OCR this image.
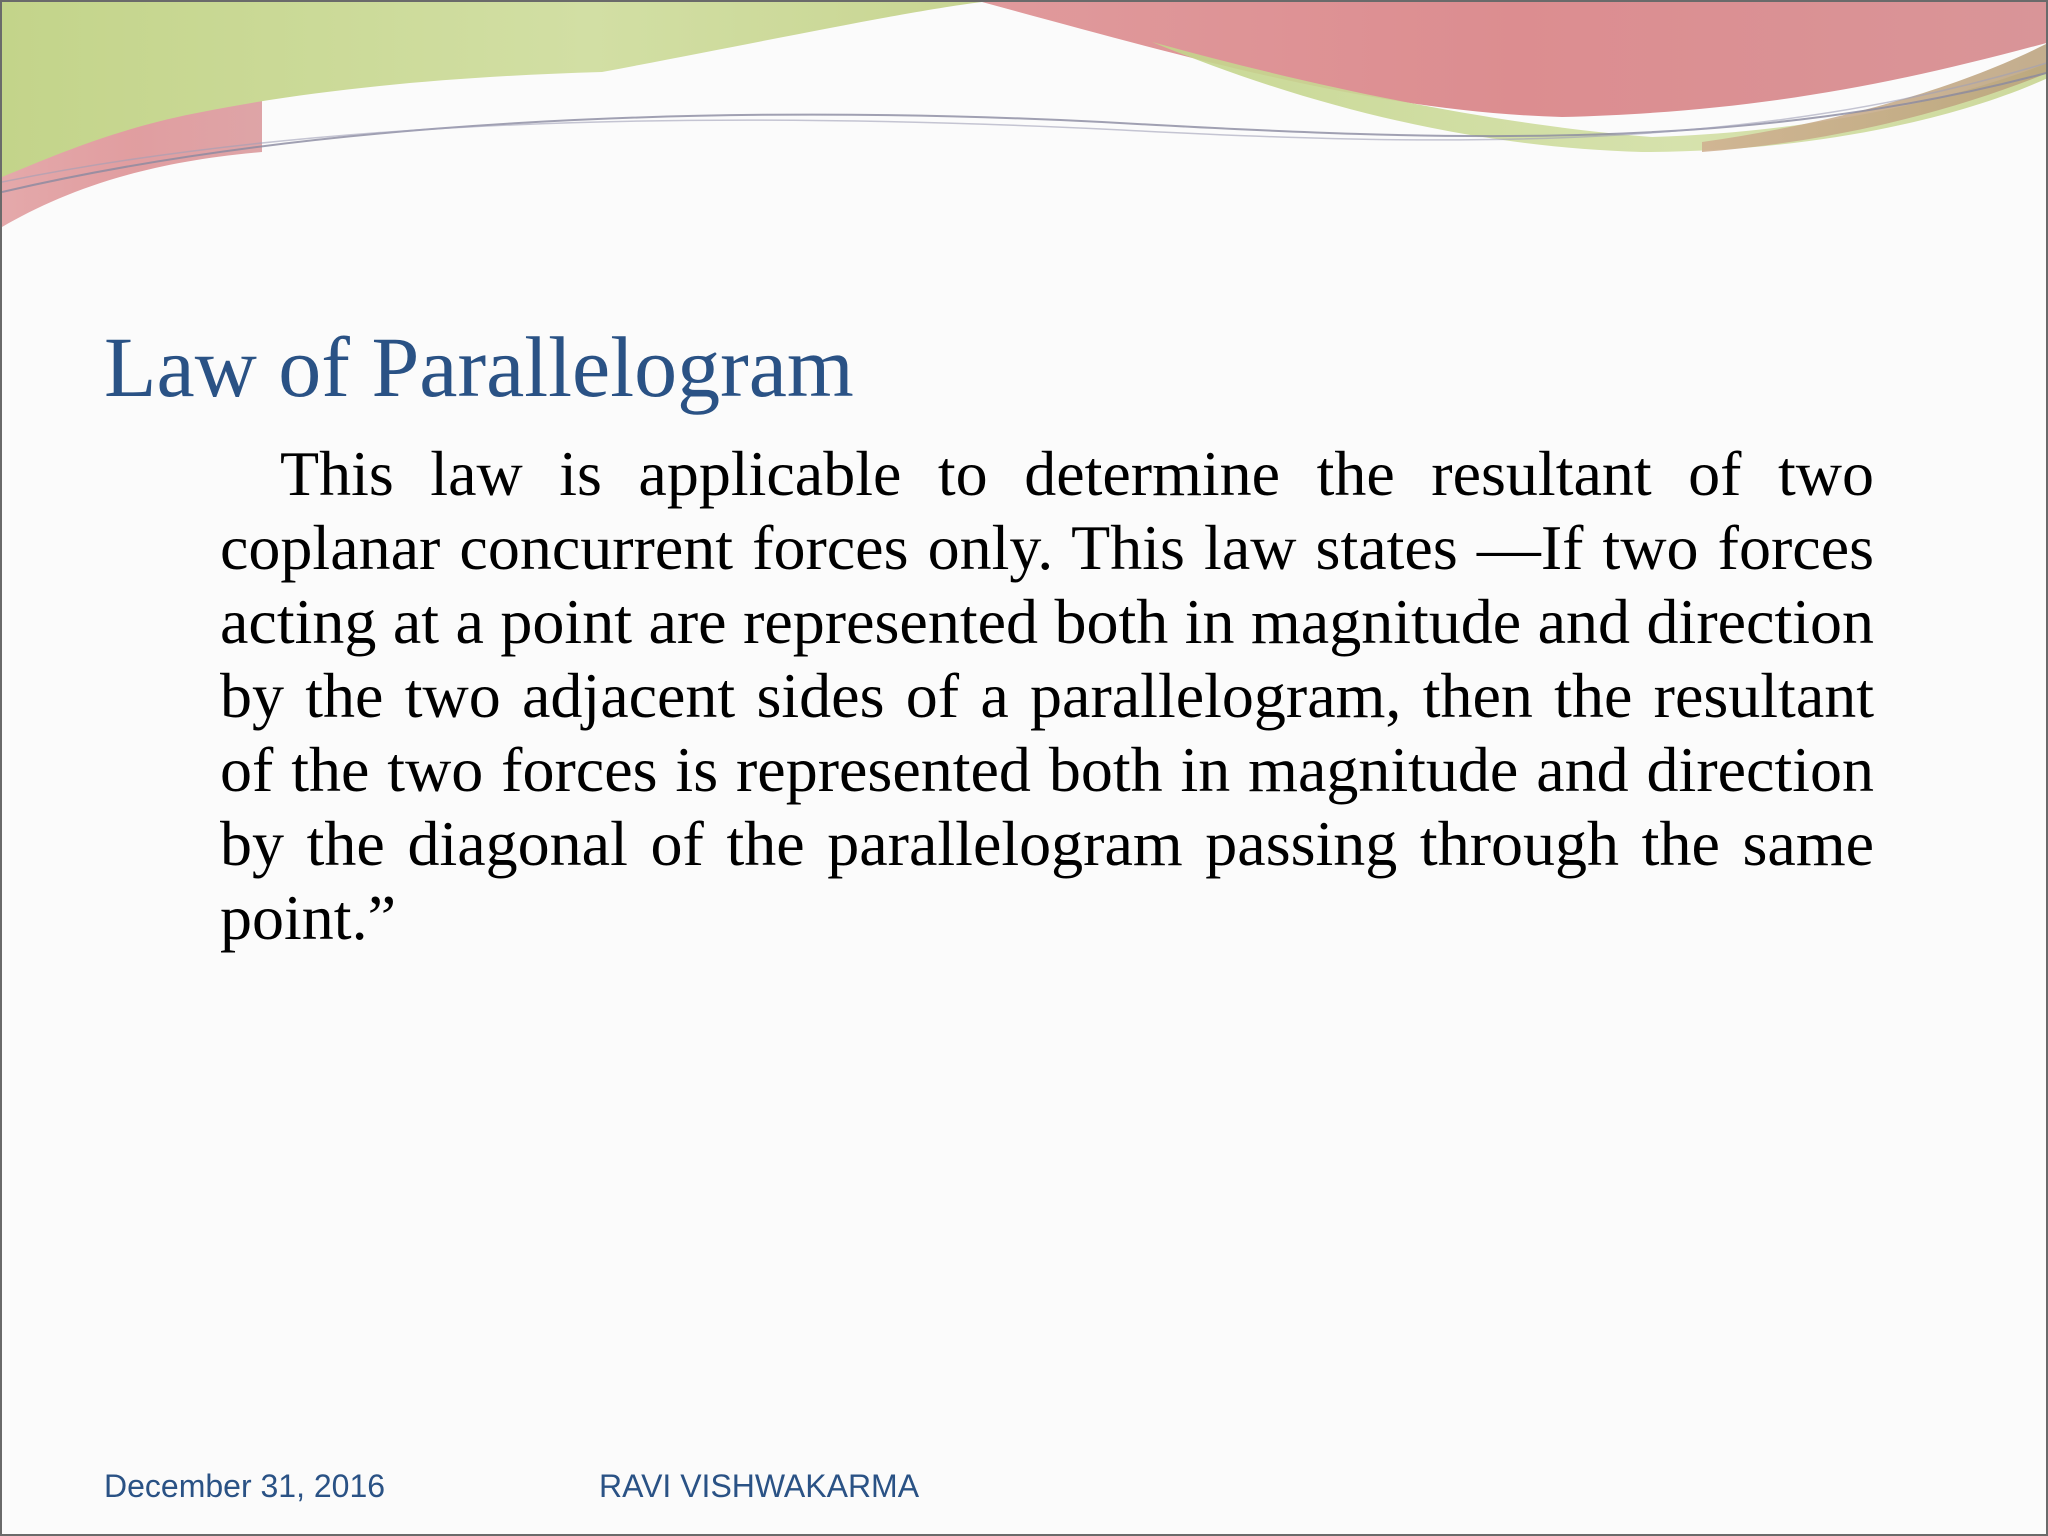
Law of Parallelogram

This law is applicable to determine the resultant of two coplanar concurrent forces only. This law states —If two forces acting at a point are represented both in magnitude and direction by the two adjacent sides of a parallelogram, then the resultant of the two forces is represented both in magnitude and direction by the diagonal of the parallelogram passing through the same point.”

December 31, 2016	RAVI VISHWAKARMA
